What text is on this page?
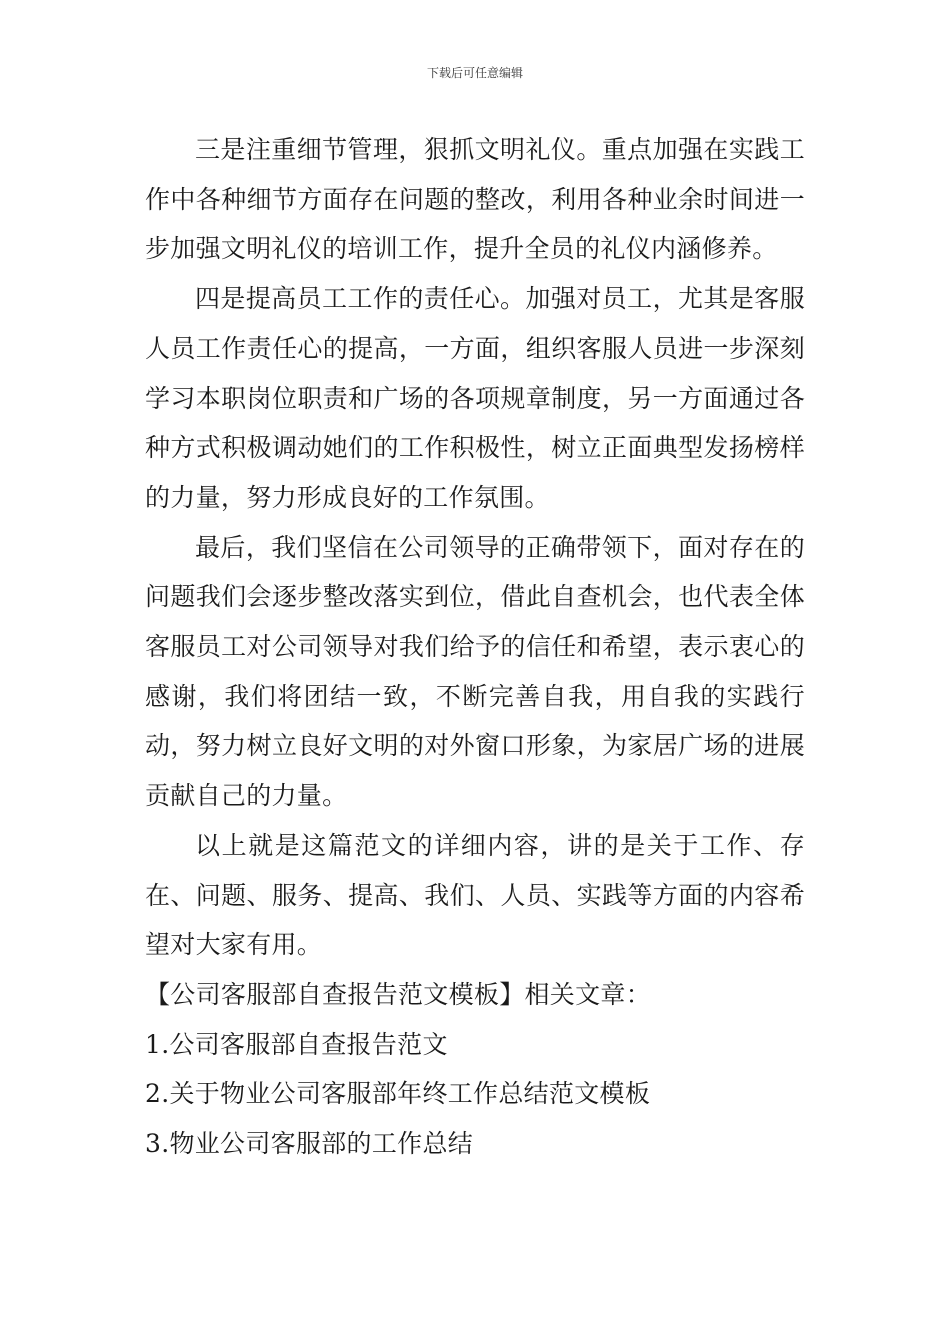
下载后可任意编辑

三是注重细节管理，狠抓文明礼仪。重点加强在实践工作中各种细节方面存在问题的整改，利用各种业余时间进一步加强文明礼仪的培训工作，提升全员的礼仪内涵修养。

四是提高员工工作的责任心。加强对员工，尤其是客服人员工作责任心的提高，一方面，组织客服人员进一步深刻学习本职岗位职责和广场的各项规章制度，另一方面通过各种方式积极调动她们的工作积极性，树立正面典型发扬榜样的力量，努力形成良好的工作氛围。

最后，我们坚信在公司领导的正确带领下，面对存在的问题我们会逐步整改落实到位，借此自查机会，也代表全体客服员工对公司领导对我们给予的信任和希望，表示衷心的感谢，我们将团结一致，不断完善自我，用自我的实践行动，努力树立良好文明的对外窗口形象，为家居广场的进展贡献自己的力量。

以上就是这篇范文的详细内容，讲的是关于工作、存在、问题、服务、提高、我们、人员、实践等方面的内容希望对大家有用。

【公司客服部自查报告范文模板】相关文章：

1.公司客服部自查报告范文

2.关于物业公司客服部年终工作总结范文模板

3.物业公司客服部的工作总结
